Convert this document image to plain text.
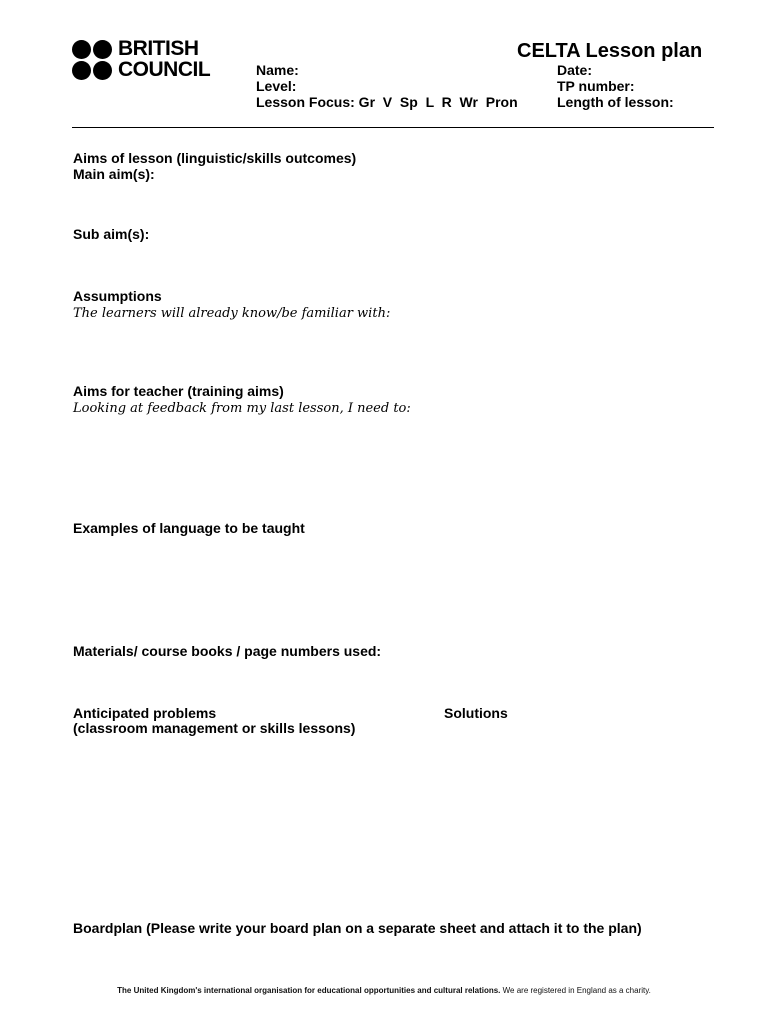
BRITISH
COUNCIL
CELTA Lesson plan
Name:
Level:
Lesson Focus: Gr  V  Sp  L  R  Wr  Pron
Date:
TP number:
Length of lesson:
Aims of lesson (linguistic/skills outcomes)
Main aim(s):
Sub aim(s):
Assumptions
The learners will already know/be familiar with:
Aims for teacher (training aims)
Looking at feedback from my last lesson, I need to:
Examples of language to be taught
Materials/ course books / page numbers used:
Anticipated problems
(classroom management or skills lessons)
Solutions
Boardplan (Please write your board plan on a separate sheet and attach it to the plan)
The United Kingdom's international organisation for educational opportunities and cultural relations. We are registered in England as a charity.
